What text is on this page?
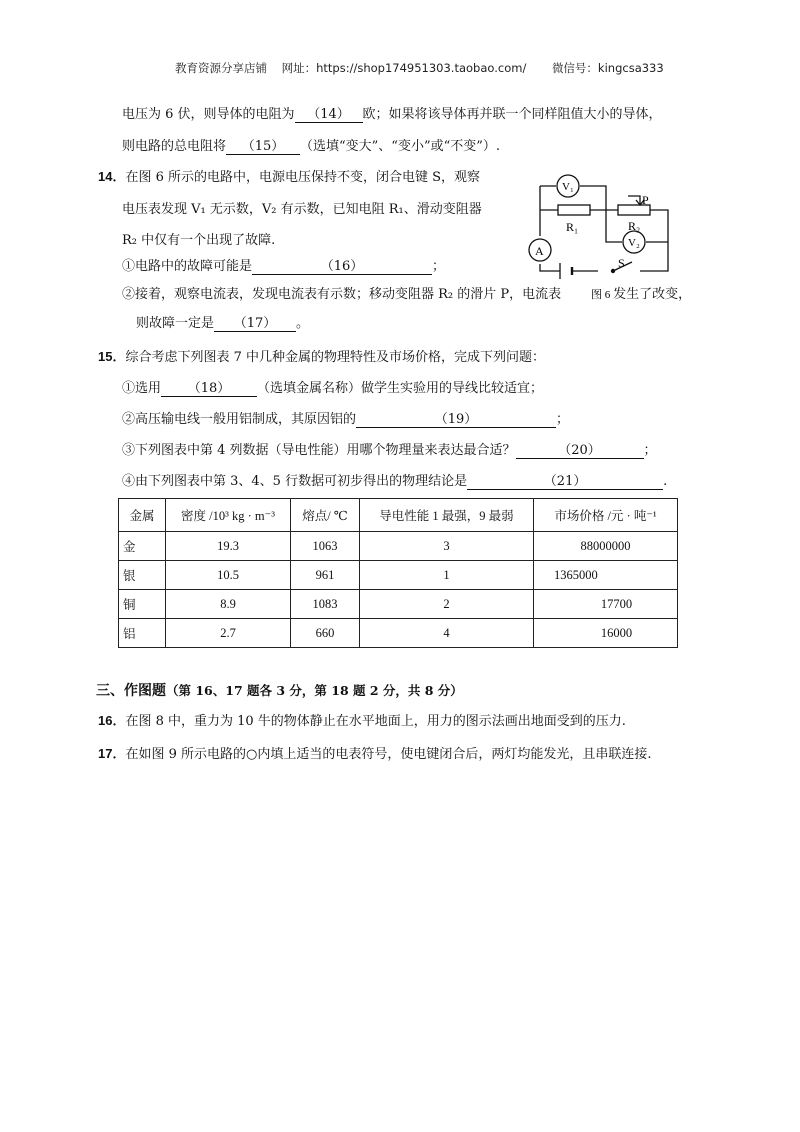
教育资源分享店铺 网址：https://shop174951303.taobao.com/ 微信号：kingcsa333
电压为 6 伏，则导体的电阻为 （14） 欧；如果将该导体再并联一个同样阻值大小的导体，
则电路的总电阻将 （15） （选填“变大”、“变小”或“不变”）.
14．在图 6 所示的电路中，电源电压保持不变，闭合电键 S，观察
电压表发现 V₁ 无示数，V₂ 有示数，已知电阻 R₁、滑动变阻器
R₂ 中仅有一个出现了故障.
①电路中的故障可能是	（16）	；
②接着，观察电流表，发现电流表有示数；移动变阻器 R₂ 的滑片 P，电流表	发生了改变，
则故障一定是 （17） 。
V₁
V₂
A
R₁	R₂
P
S
图 6
15．综合考虑下列图表 7 中几种金属的物理特性及市场价格，完成下列问题：
①选用 （18） （选填金属名称）做学生实验用的导线比较适宜；
②高压输电线一般用铝制成，其原因铝的	（19）	；
③下列图表中第 4 列数据（导电性能）用哪个物理量来表达最合适？	（20）	；
④由下列图表中第 3、4、5 行数据可初步得出的物理结论是	（21）	.
金属	密度 /10³ kg · m⁻³	熔点/ ℃	导电性能 1 最强，9 最弱	市场价格 /元 · 吨⁻¹
金	19.3	1063	3	88000000
银	10.5	961	1	1365000
铜	8.9	1083	2	17700
铝	2.7	660	4	16000
三、作图题（第 16、17 题各 3 分，第 18 题 2 分，共 8 分）
16．在图 8 中，重力为 10 牛的物体静止在水平地面上，用力的图示法画出地面受到的压力.
17．在如图 9 所示电路的○内填上适当的电表符号，使电键闭合后，两灯均能发光，且串联连接.
